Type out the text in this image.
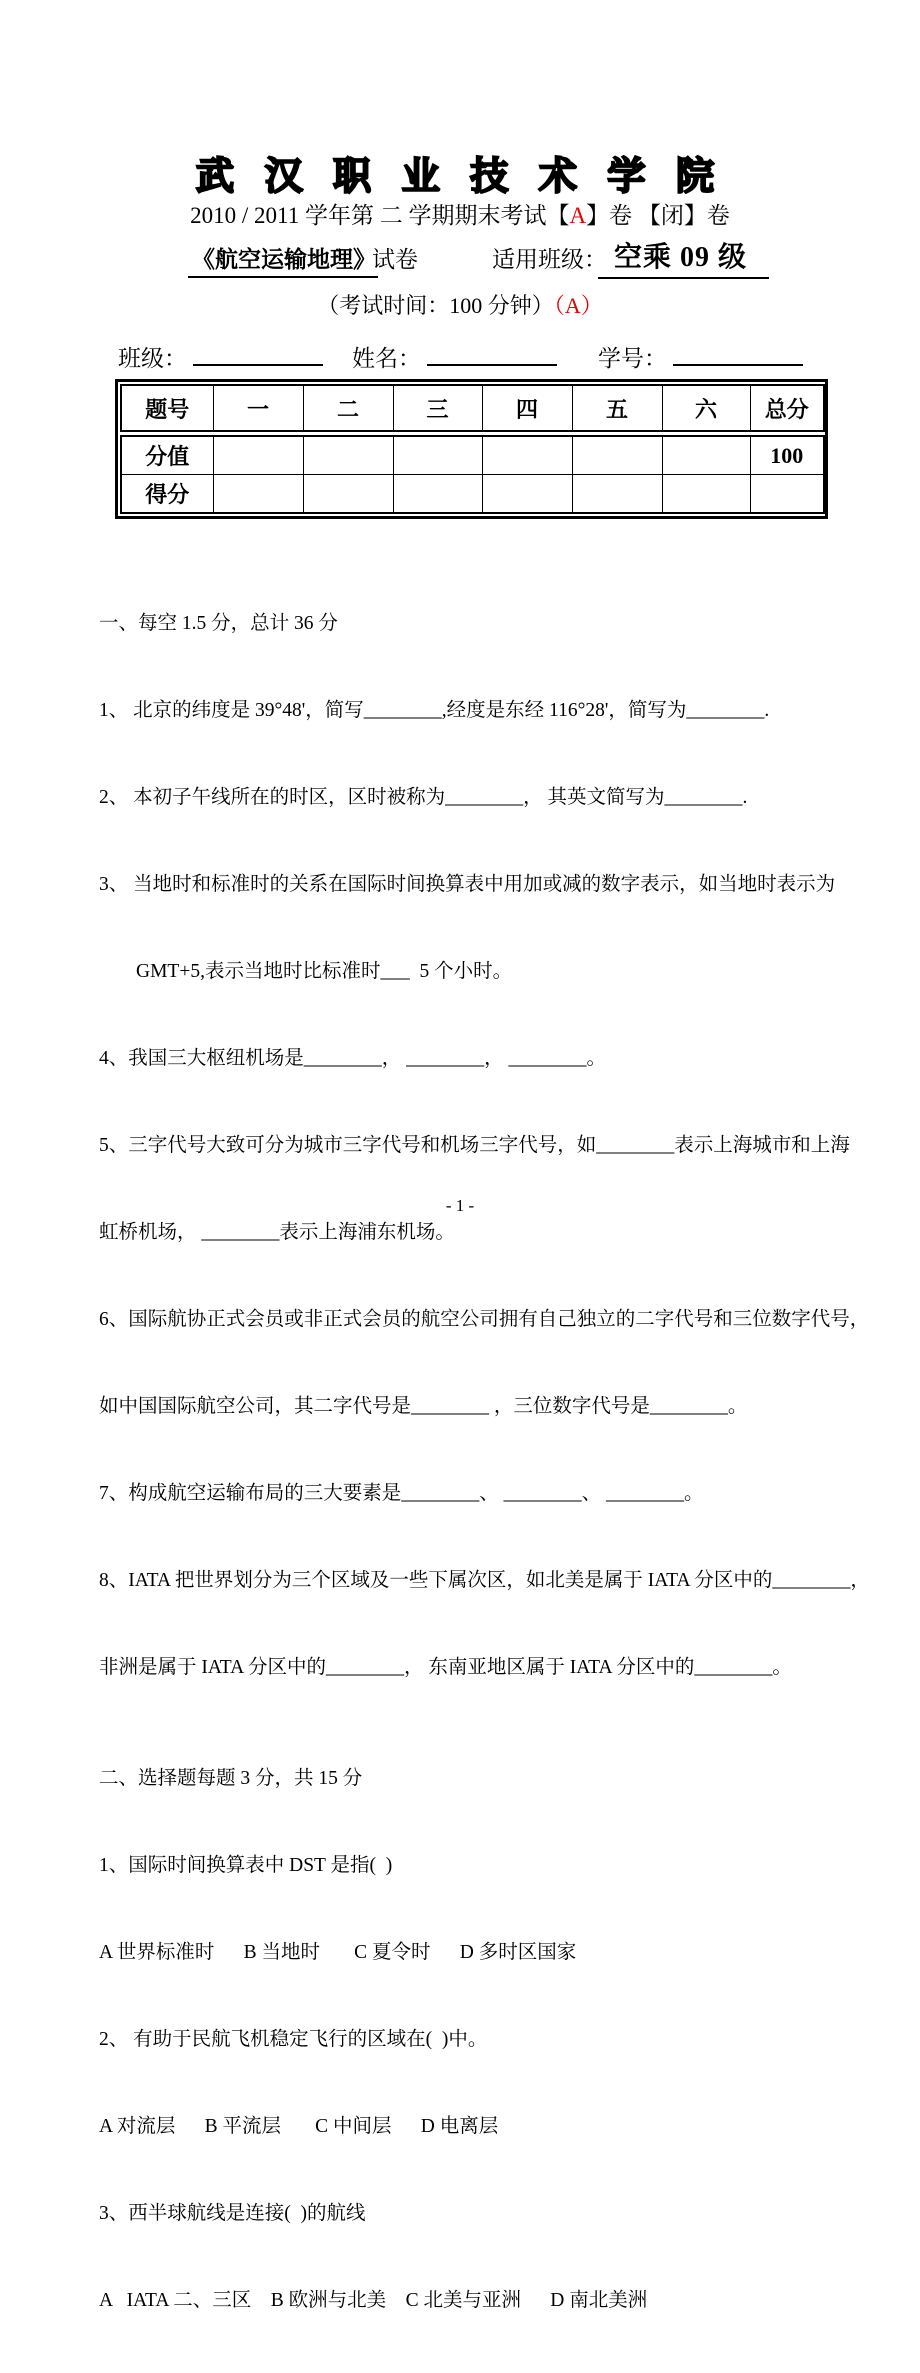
武 汉 职 业 技 术 学 院
2010 / 2011 学年第 二 学期期末考试【A】卷 【闭】卷
《航空运输地理》
试卷	适用班级： 空乘 09 级
（考试时间：100 分钟）（A）
班级：	姓名：	学号：
题号	一	二	三	四	五	六	总分
分值							100
得分							

一、每空 1.5 分，总计 36 分

1、 北京的纬度是 39°48'，简写________,经度是东经 116°28'，简写为________.

2、 本初子午线所在的时区，区时被称为________， 其英文简写为________.

3、 当地时和标准时的关系在国际时间换算表中用加或减的数字表示，如当地时表示为

GMT+5,表示当地时比标准时___  5 个小时。

4、我国三大枢纽机场是________， ________， ________。

5、三字代号大致可分为城市三字代号和机场三字代号，如________表示上海城市和上海

虹桥机场， ________表示上海浦东机场。

6、国际航协正式会员或非正式会员的航空公司拥有自己独立的二字代号和三位数字代号，

如中国国际航空公司，其二字代号是________ ，三位数字代号是________。

7、构成航空运输布局的三大要素是________、 ________、 ________。

8、IATA 把世界划分为三个区域及一些下属次区，如北美是属于 IATA 分区中的________，

非洲是属于 IATA 分区中的________， 东南亚地区属于 IATA 分区中的________。

二、选择题每题 3 分，共 15 分

1、国际时间换算表中 DST 是指(  )

A 世界标准时      B 当地时       C 夏令时      D 多时区国家

2、 有助于民航飞机稳定飞行的区域在(  )中。

A 对流层      B 平流层       C 中间层      D 电离层

3、西半球航线是连接(  )的航线

A   IATA 二、三区    B 欧洲与北美    C 北美与亚洲      D 南北美洲

- 1 -
